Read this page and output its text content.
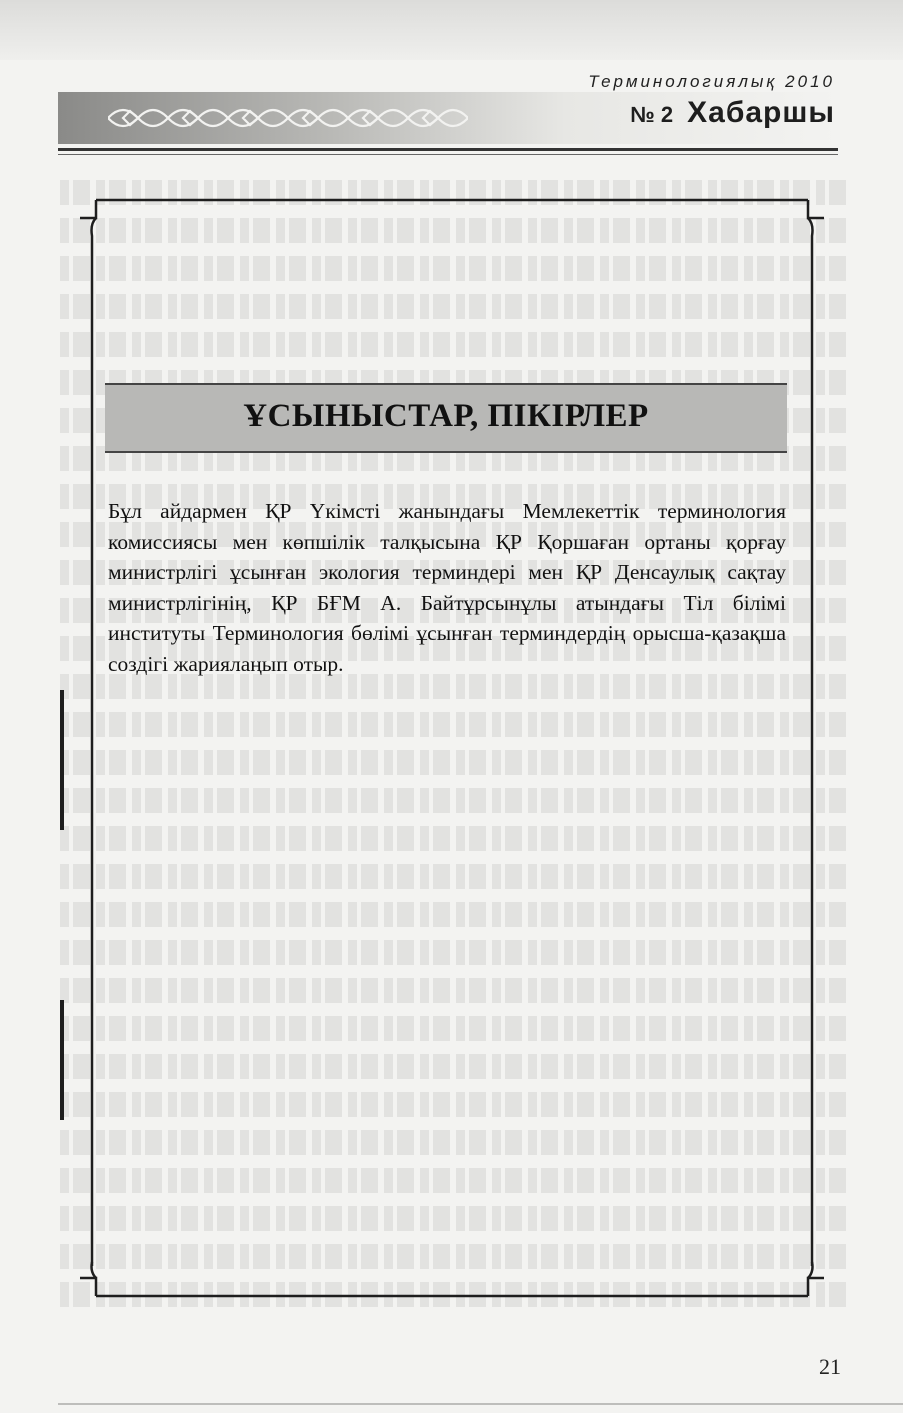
Терминологиялық 2010
№ 2 Хабаршы
ҰСЫНЫСТАР, ПІКІРЛЕР

Бұл айдармен ҚР Үкімсті жанындағы Мемлекеттік терминология комиссиясы мен көпшілік талқысына ҚР Қоршаған ортаны қорғау министрлігі ұсынған экология терминдері мен ҚР Денсаулық сақтау министрлігінің, ҚР БҒМ А. Байтұрсынұлы атындағы Тіл білімі институты Терминология бөлімі ұсынған терминдердің орысша-қазақша создігі жариялаңып отыр.

21
